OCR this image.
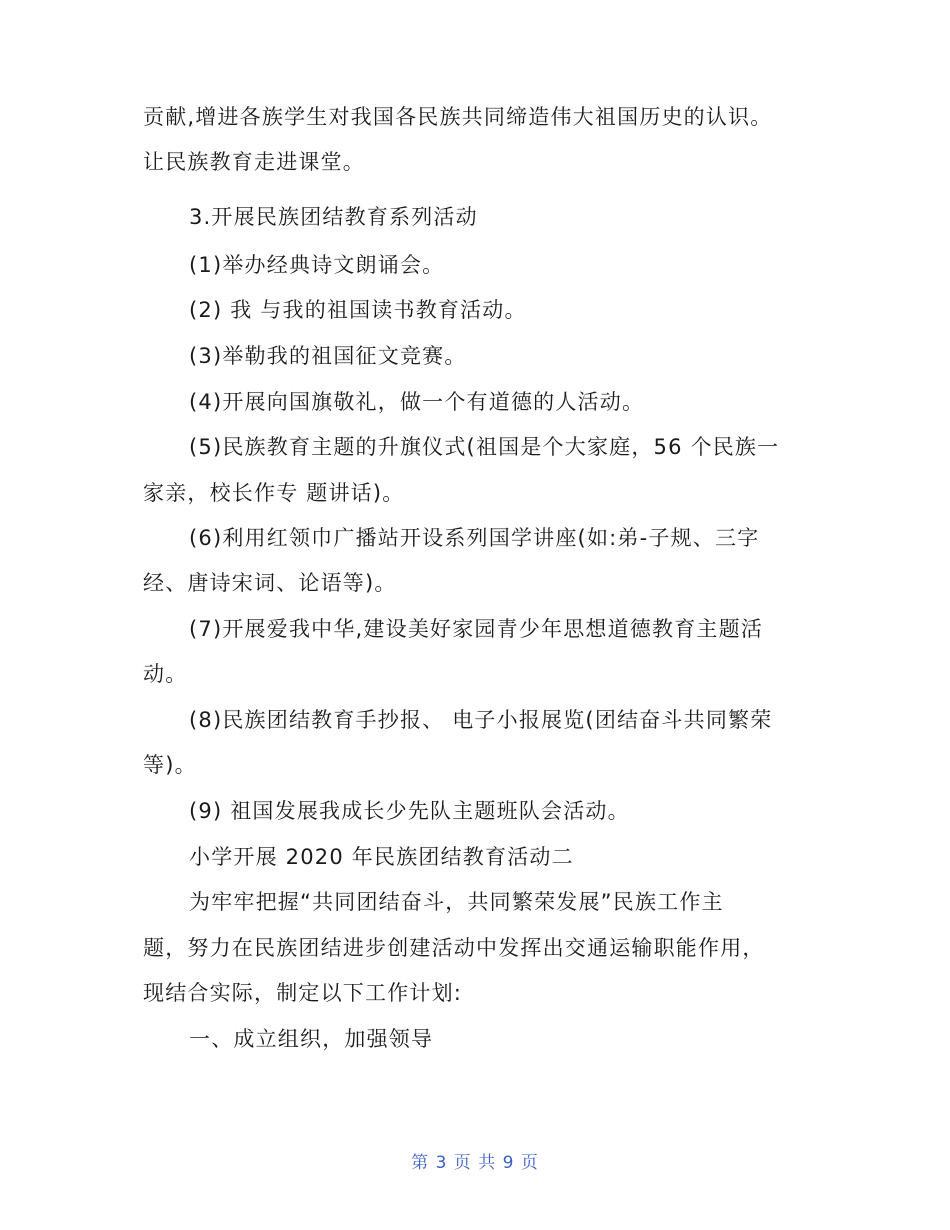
贡献,增进各族学生对我国各民族共同缔造伟大祖国历史的认识。
让民族教育走进课堂。
3.开展民族团结教育系列活动
(1)举办经典诗文朗诵会。
(2) 我 与我的祖国读书教育活动。
(3)举勒我的祖国征文竞赛。
(4)开展向国旗敬礼，做一个有道德的人活动。
(5)民族教育主题的升旗仪式(祖国是个大家庭，56 个民族一
家亲，校长作专 题讲话)。
(6)利用红领巾广播站开设系列国学讲座(如:弟-子规、三字
经、唐诗宋词、论语等)。
(7)开展爱我中华,建设美好家园青少年思想道德教育主题活
动。
(8)民族团结教育手抄报、 电子小报展览(团结奋斗共同繁荣
等)。
(9) 祖国发展我成长少先队主题班队会活动。
小学开展 2020 年民族团结教育活动二
为牢牢把握“共同团结奋斗，共同繁荣发展”民族工作主
题，努力在民族团结进步创建活动中发挥出交通运输职能作用，
现结合实际，制定以下工作计划:
一、成立组织，加强领导
第 3 页 共 9 页
